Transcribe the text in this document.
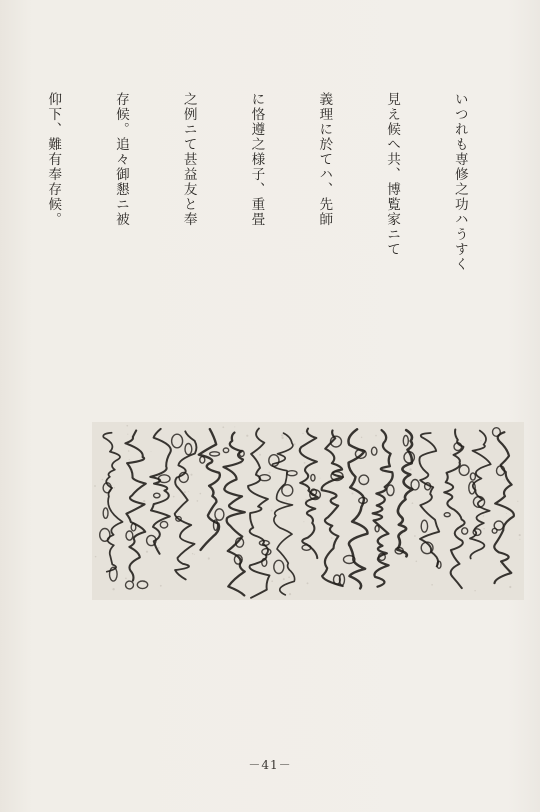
いつれも専修之功ハうすく

見え候へ共、博覧家ニて

義理に於てハ、先師

に恪遵之様子、重畳

之例ニて甚益友と奉

存候。追々御懇ニ被

仰下、難有奉存候。

－41－
